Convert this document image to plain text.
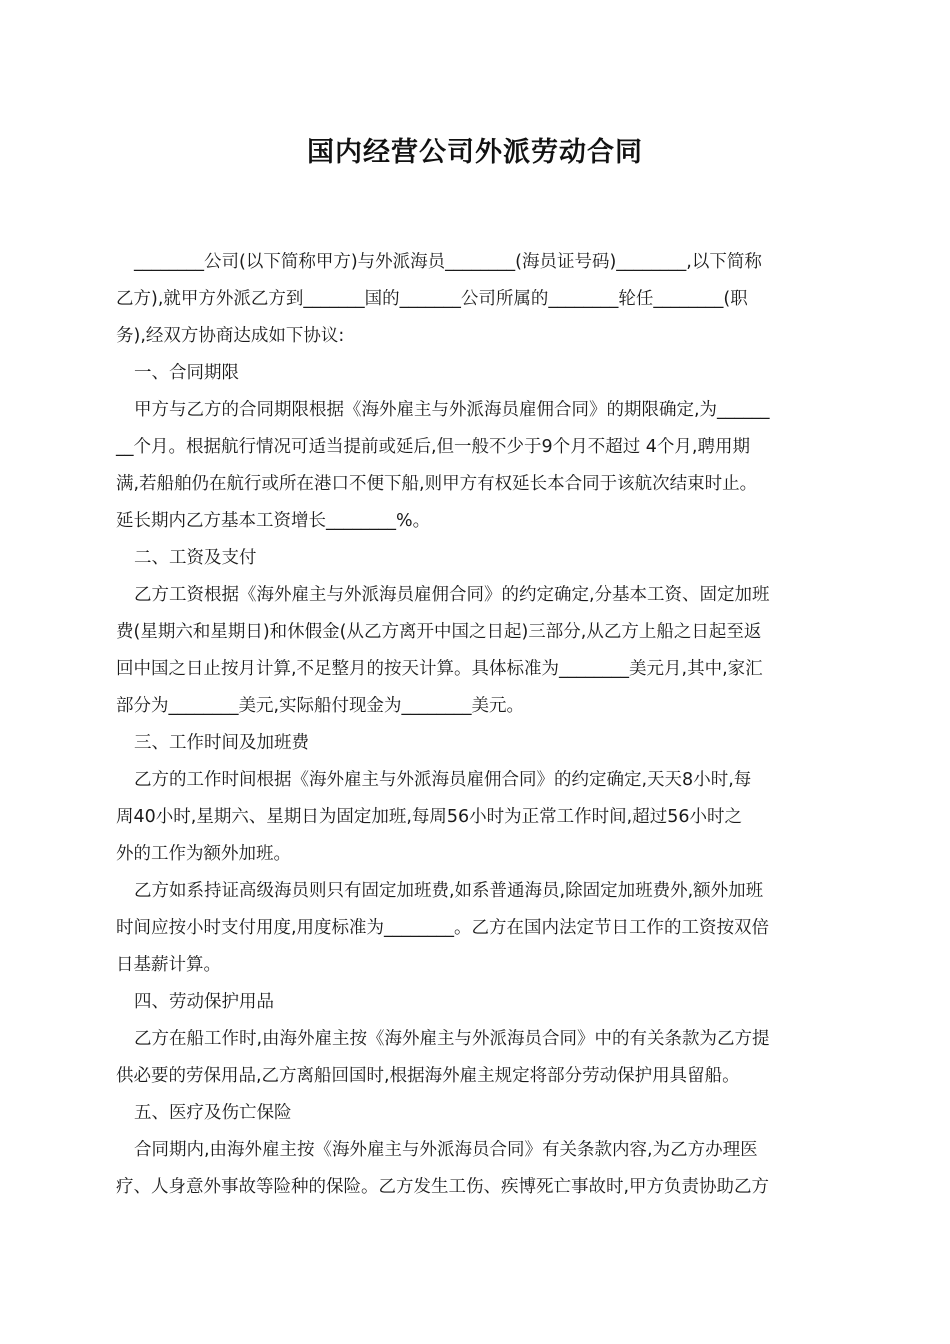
国内经营公司外派劳动合同
________公司(以下简称甲方)与外派海员________(海员证号码)________,以下简称
乙方),就甲方外派乙方到_______国的_______公司所属的________轮任________(职
务),经双方协商达成如下协议:
一、合同期限
甲方与乙方的合同期限根据《海外雇主与外派海员雇佣合同》的期限确定,为______
__个月。根据航行情况可适当提前或延后,但一般不少于9个月不超过 4个月,聘用期
满,若船舶仍在航行或所在港口不便下船,则甲方有权延长本合同于该航次结束时止。
延长期内乙方基本工资增长________%。
二、工资及支付
乙方工资根据《海外雇主与外派海员雇佣合同》的约定确定,分基本工资、固定加班
费(星期六和星期日)和休假金(从乙方离开中国之日起)三部分,从乙方上船之日起至返
回中国之日止按月计算,不足整月的按天计算。具体标准为________美元月,其中,家汇
部分为________美元,实际船付现金为________美元。
三、工作时间及加班费
乙方的工作时间根据《海外雇主与外派海员雇佣合同》的约定确定,天天8小时,每
周40小时,星期六、星期日为固定加班,每周56小时为正常工作时间,超过56小时之
外的工作为额外加班。
乙方如系持证高级海员则只有固定加班费,如系普通海员,除固定加班费外,额外加班
时间应按小时支付用度,用度标准为________。乙方在国内法定节日工作的工资按双倍
日基薪计算。
四、劳动保护用品
乙方在船工作时,由海外雇主按《海外雇主与外派海员合同》中的有关条款为乙方提
供必要的劳保用品,乙方离船回国时,根据海外雇主规定将部分劳动保护用具留船。
五、医疗及伤亡保险
合同期内,由海外雇主按《海外雇主与外派海员合同》有关条款内容,为乙方办理医
疗、人身意外事故等险种的保险。乙方发生工伤、疾博死亡事故时,甲方负责协助乙方
